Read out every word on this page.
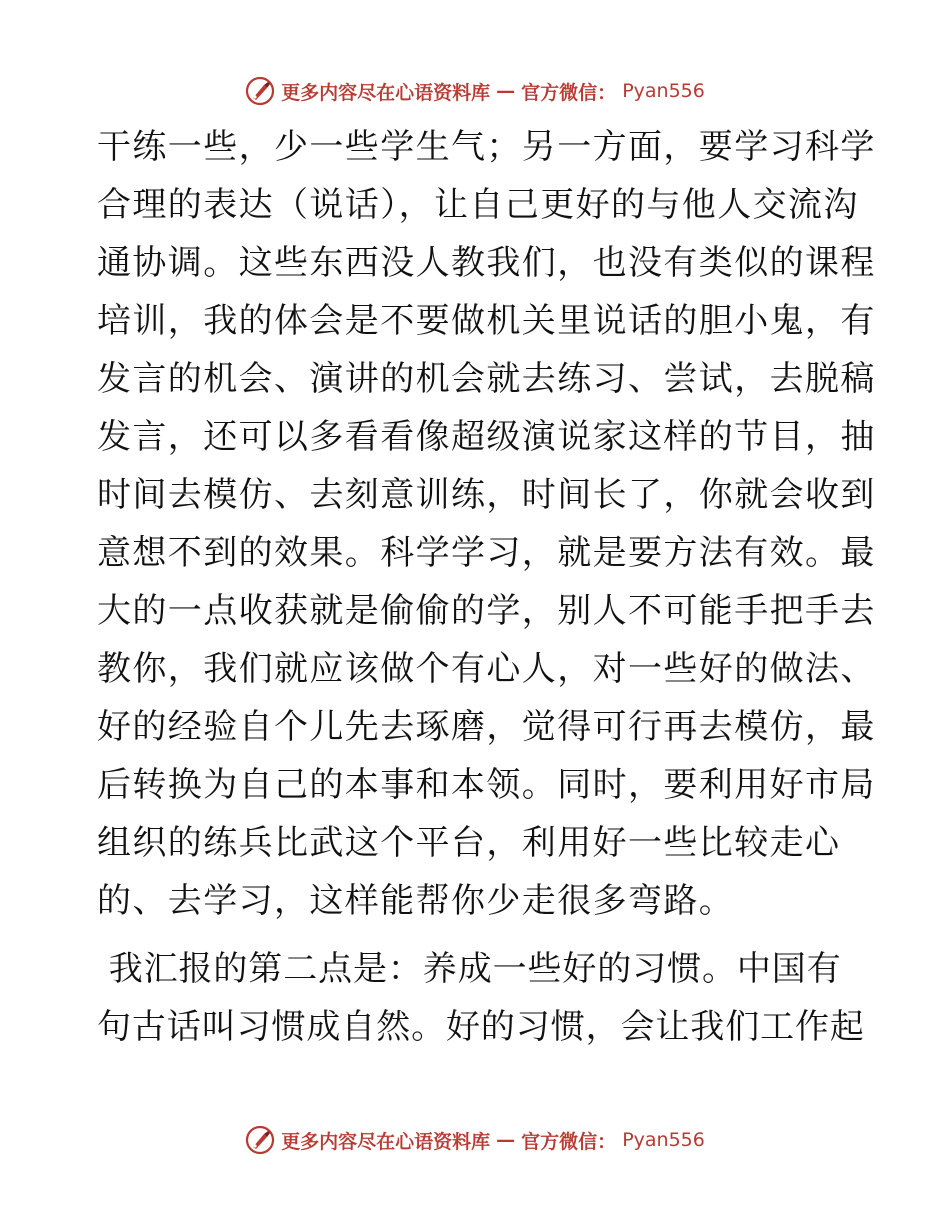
更多内容尽在心语资料库 — 官方微信： Pyan556
干练一些，少一些学生气；另一方面，要学习科学
合理的表达（说话），让自己更好的与他人交流沟
通协调。这些东西没人教我们，也没有类似的课程
培训，我的体会是不要做机关里说话的胆小鬼，有
发言的机会、演讲的机会就去练习、尝试，去脱稿
发言，还可以多看看像超级演说家这样的节目，抽
时间去模仿、去刻意训练，时间长了，你就会收到
意想不到的效果。科学学习，就是要方法有效。最
大的一点收获就是偷偷的学，别人不可能手把手去
教你，我们就应该做个有心人，对一些好的做法、
好的经验自个儿先去琢磨，觉得可行再去模仿，最
后转换为自己的本事和本领。同时，要利用好市局
组织的练兵比武这个平台，利用好一些比较走心
的、去学习，这样能帮你少走很多弯路。
我汇报的第二点是：养成一些好的习惯。中国有
句古话叫习惯成自然。好的习惯，会让我们工作起
更多内容尽在心语资料库 — 官方微信： Pyan556
